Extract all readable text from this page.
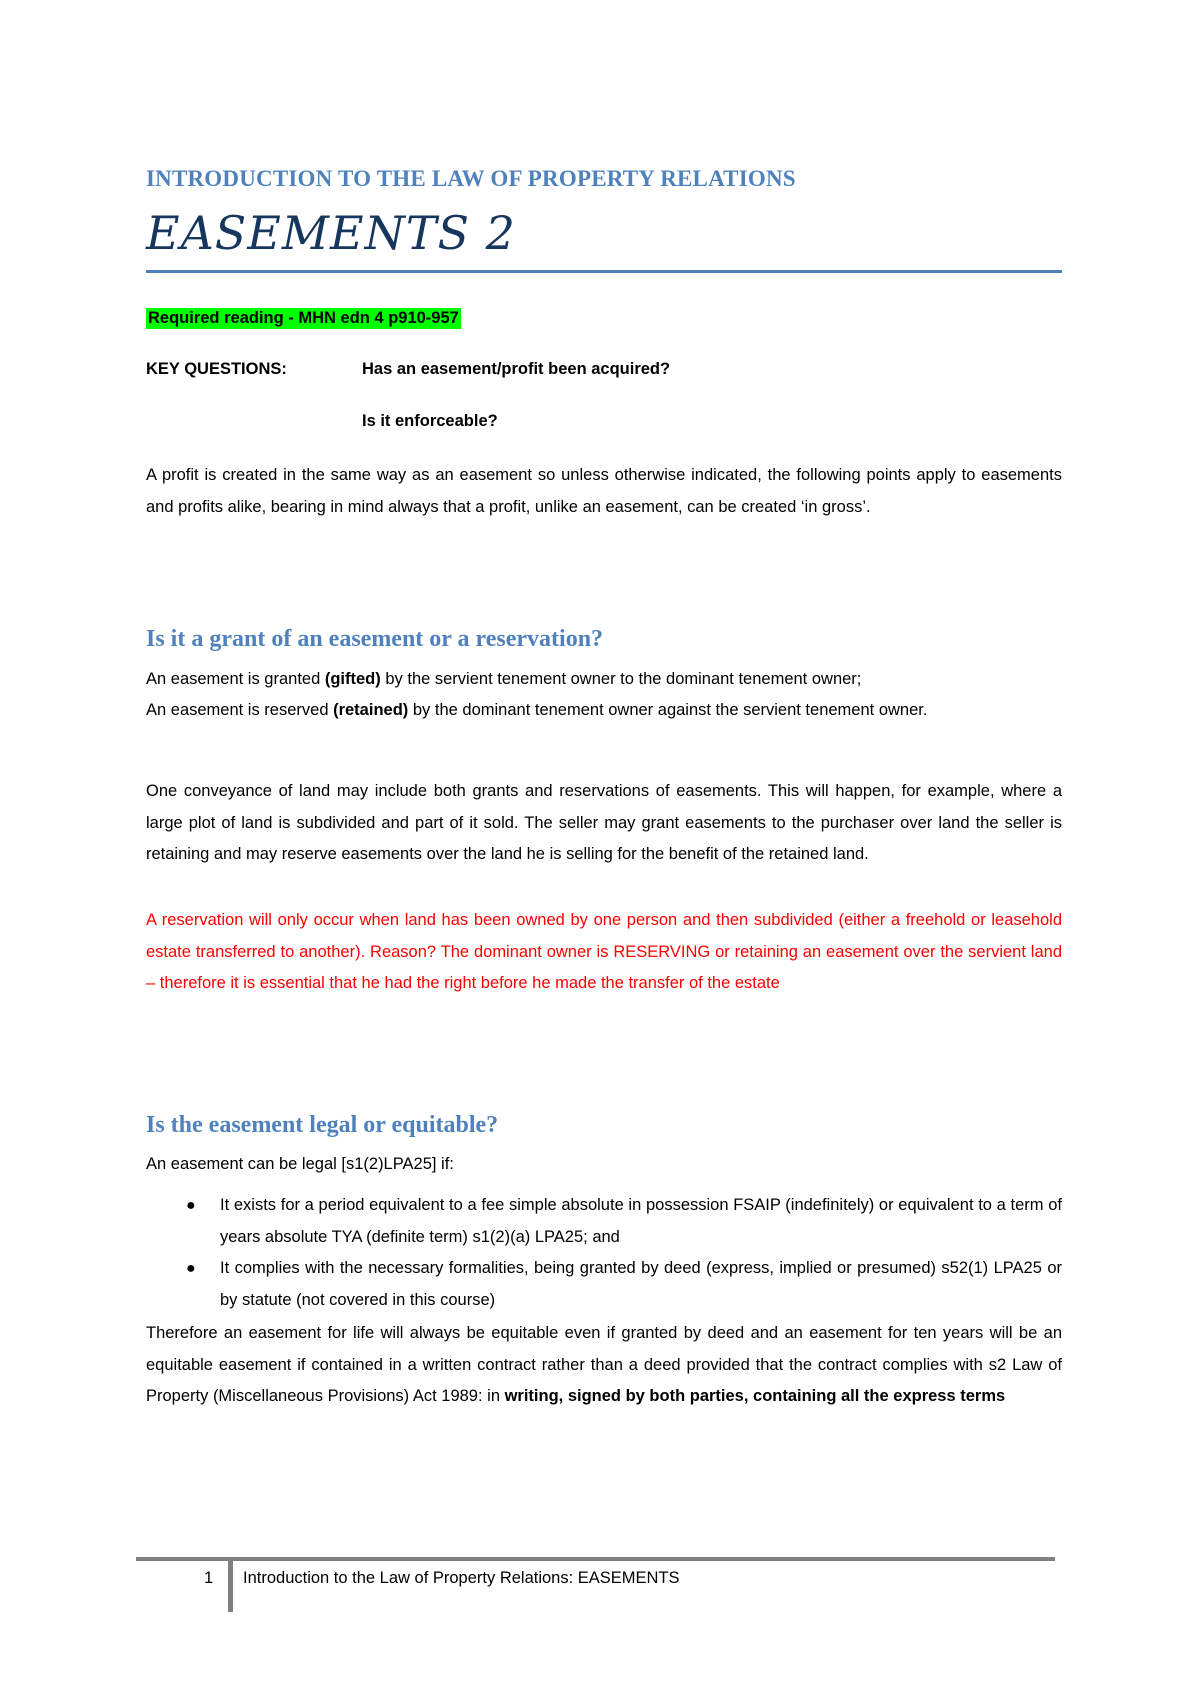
INTRODUCTION TO THE LAW OF PROPERTY RELATIONS
EASEMENTS 2
Required reading - MHN edn 4 p910-957
KEY QUESTIONS:	Has an easement/profit been acquired?
Is it enforceable?
A profit is created in the same way as an easement so unless otherwise indicated, the following points apply to easements and profits alike, bearing in mind always that a profit, unlike an easement, can be created ‘in gross’.
Is it a grant of an easement or a reservation?
An easement is granted (gifted) by the servient tenement owner to the dominant tenement owner;
An easement is reserved (retained) by the dominant tenement owner against the servient tenement owner.
One conveyance of land may include both grants and reservations of easements. This will happen, for example, where a large plot of land is subdivided and part of it sold. The seller may grant easements to the purchaser over land the seller is retaining and may reserve easements over the land he is selling for the benefit of the retained land.
A reservation will only occur when land has been owned by one person and then subdivided (either a freehold or leasehold estate transferred to another). Reason? The dominant owner is RESERVING or retaining an easement over the servient land – therefore it is essential that he had the right before he made the transfer of the estate
Is the easement legal or equitable?
An easement can be legal [s1(2)LPA25] if:
● It exists for a period equivalent to a fee simple absolute in possession FSAIP (indefinitely) or equivalent to a term of years absolute TYA (definite term) s1(2)(a) LPA25; and
● It complies with the necessary formalities, being granted by deed (express, implied or presumed) s52(1) LPA25 or by statute (not covered in this course)
Therefore an easement for life will always be equitable even if granted by deed and an easement for ten years will be an equitable easement if contained in a written contract rather than a deed provided that the contract complies with s2 Law of Property (Miscellaneous Provisions) Act 1989: in writing, signed by both parties, containing all the express terms
1 Introduction to the Law of Property Relations: EASEMENTS
